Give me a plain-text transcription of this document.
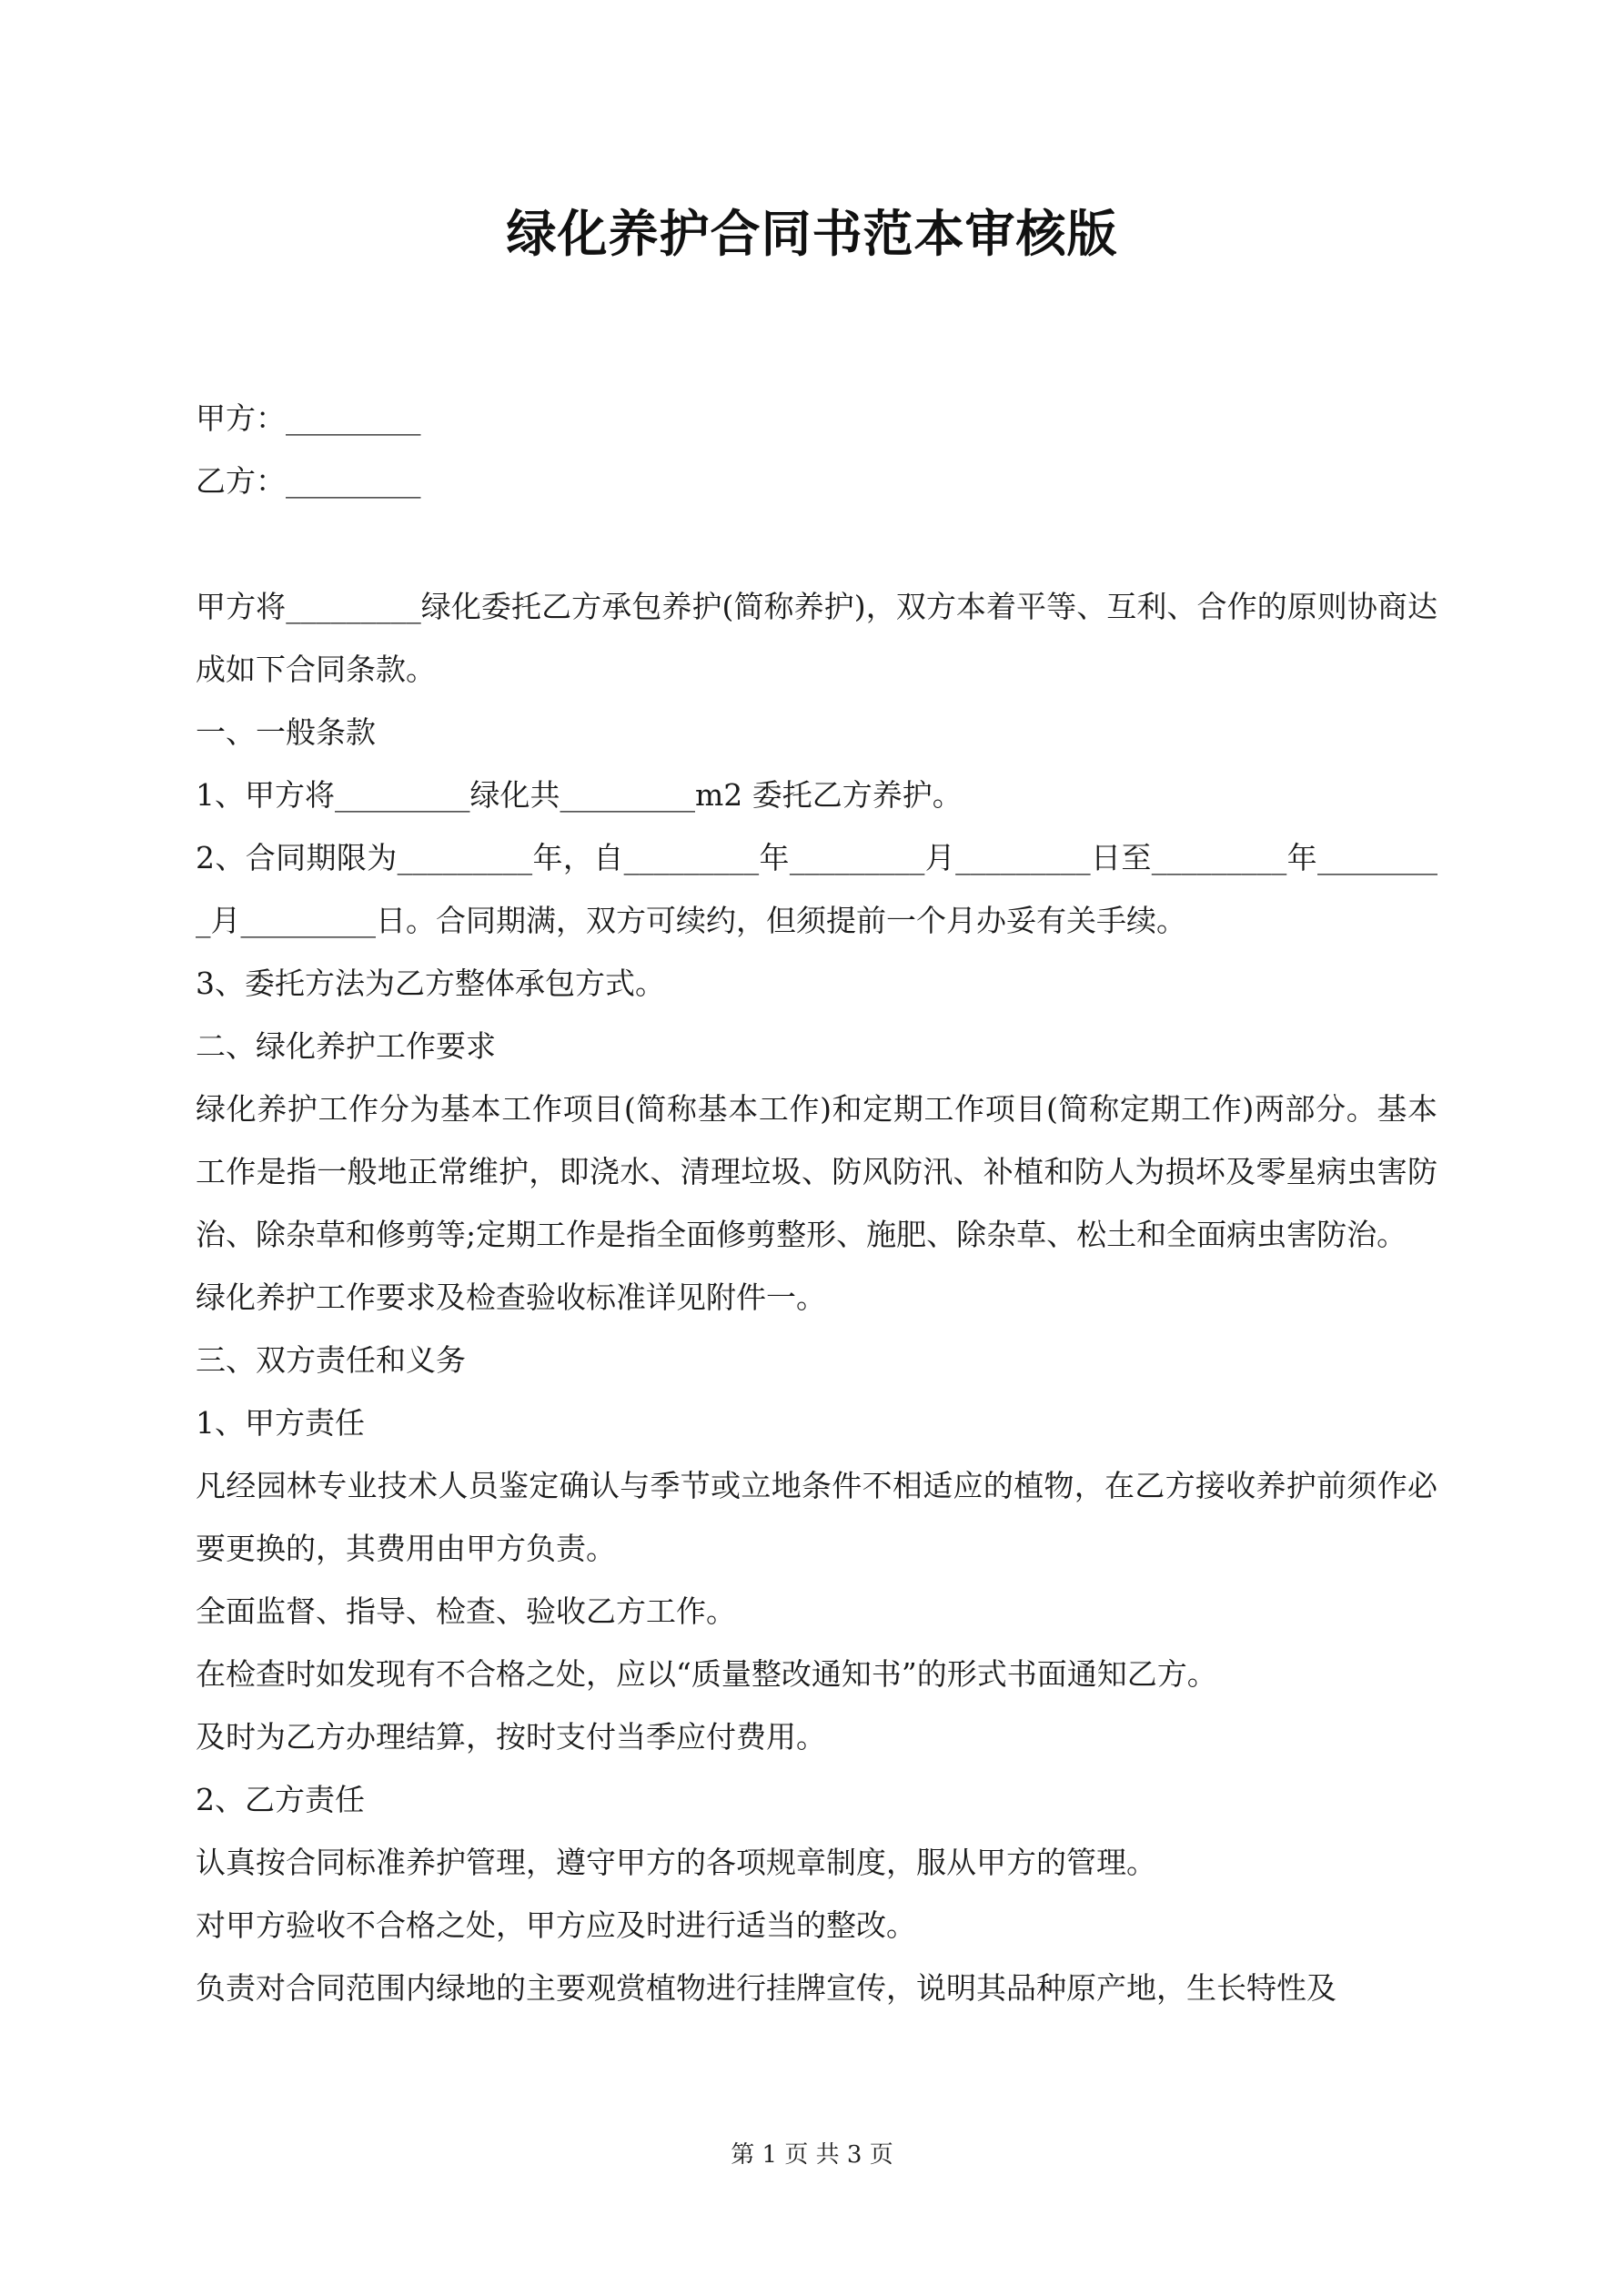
绿化养护合同书范本审核版

甲方：_________

乙方：_________

甲方将_________绿化委托乙方承包养护(简称养护)，双方本着平等、互利、合作的原则协商达成如下合同条款。

一、一般条款

1、甲方将_________绿化共_________m2 委托乙方养护。

2、合同期限为_________年，自_________年_________月_________日至_________年_________月_________日。合同期满，双方可续约，但须提前一个月办妥有关手续。

3、委托方法为乙方整体承包方式。

二、绿化养护工作要求

绿化养护工作分为基本工作项目(简称基本工作)和定期工作项目(简称定期工作)两部分。基本工作是指一般地正常维护，即浇水、清理垃圾、防风防汛、补植和防人为损坏及零星病虫害防治、除杂草和修剪等;定期工作是指全面修剪整形、施肥、除杂草、松土和全面病虫害防治。

绿化养护工作要求及检查验收标准详见附件一。

三、双方责任和义务

1、甲方责任

凡经园林专业技术人员鉴定确认与季节或立地条件不相适应的植物，在乙方接收养护前须作必要更换的，其费用由甲方负责。

全面监督、指导、检查、验收乙方工作。

在检查时如发现有不合格之处，应以“质量整改通知书”的形式书面通知乙方。

及时为乙方办理结算，按时支付当季应付费用。

2、乙方责任

认真按合同标准养护管理，遵守甲方的各项规章制度，服从甲方的管理。

对甲方验收不合格之处，甲方应及时进行适当的整改。

负责对合同范围内绿地的主要观赏植物进行挂牌宣传，说明其品种原产地，生长特性及

第 1 页 共 3 页
